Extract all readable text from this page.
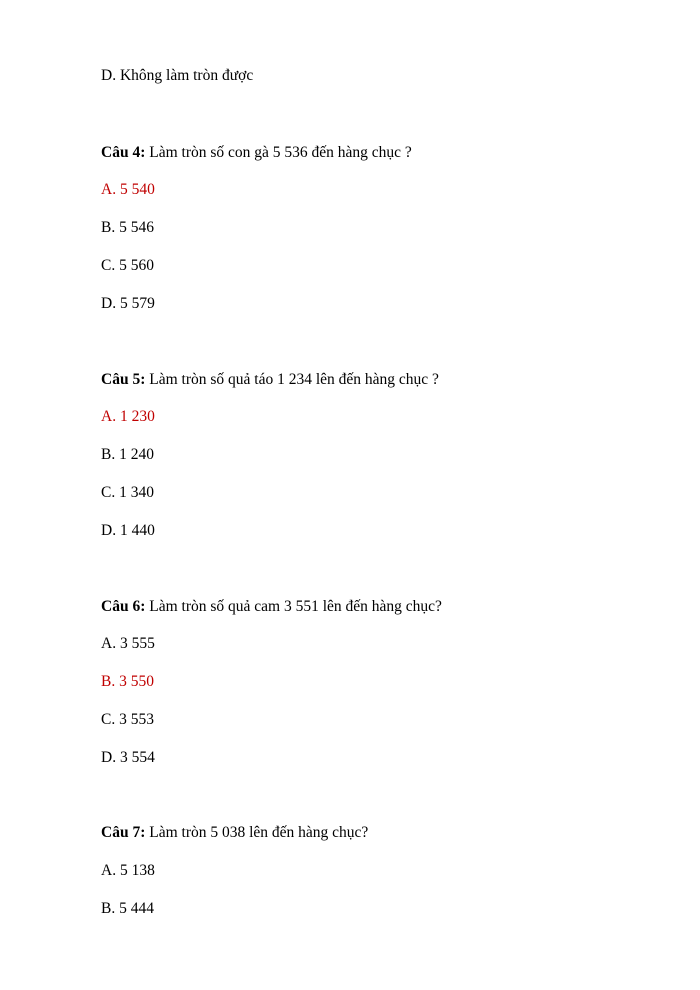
D. Không làm tròn được
Câu 4: Làm tròn số con gà 5 536 đến hàng chục ?
A. 5 540
B. 5 546
C. 5 560
D. 5 579
Câu 5: Làm tròn số quả táo 1 234 lên đến hàng chục ?
A. 1 230
B. 1 240
C. 1 340
D. 1 440
Câu 6: Làm tròn số quả cam 3 551 lên đến hàng chục?
A. 3 555
B. 3 550
C. 3 553
D. 3 554
Câu 7: Làm tròn 5 038 lên đến hàng chục?
A. 5 138
B. 5 444
